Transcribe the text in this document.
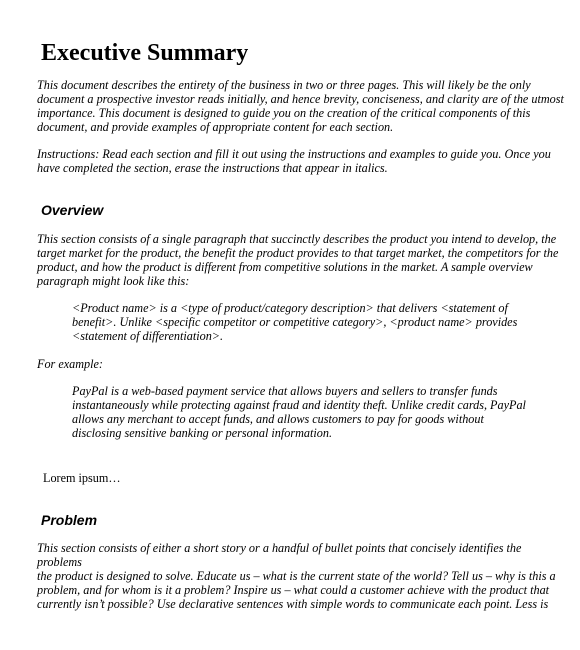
Executive Summary

This document describes the entirety of the business in two or three pages. This will likely be the only
document a prospective investor reads initially, and hence brevity, conciseness, and clarity are of the utmost
importance. This document is designed to guide you on the creation of the critical components of this
document, and provide examples of appropriate content for each section.

Instructions: Read each section and fill it out using the instructions and examples to guide you. Once you
have completed the section, erase the instructions that appear in italics.

Overview

This section consists of a single paragraph that succinctly describes the product you intend to develop, the
target market for the product, the benefit the product provides to that target market, the competitors for the
product, and how the product is different from competitive solutions in the market. A sample overview
paragraph might look like this:

<Product name> is a <type of product/category description> that delivers <statement of
benefit>. Unlike <specific competitor or competitive category>, <product name> provides
<statement of differentiation>.

For example:

PayPal is a web-based payment service that allows buyers and sellers to transfer funds
instantaneously while protecting against fraud and identity theft. Unlike credit cards, PayPal
allows any merchant to accept funds, and allows customers to pay for goods without
disclosing sensitive banking or personal information.

Lorem ipsum…

Problem

This section consists of either a short story or a handful of bullet points that concisely identifies the problems
the product is designed to solve. Educate us – what is the current state of the world? Tell us – why is this a
problem, and for whom is it a problem? Inspire us – what could a customer achieve with the product that
currently isn’t possible? Use declarative sentences with simple words to communicate each point. Less is
